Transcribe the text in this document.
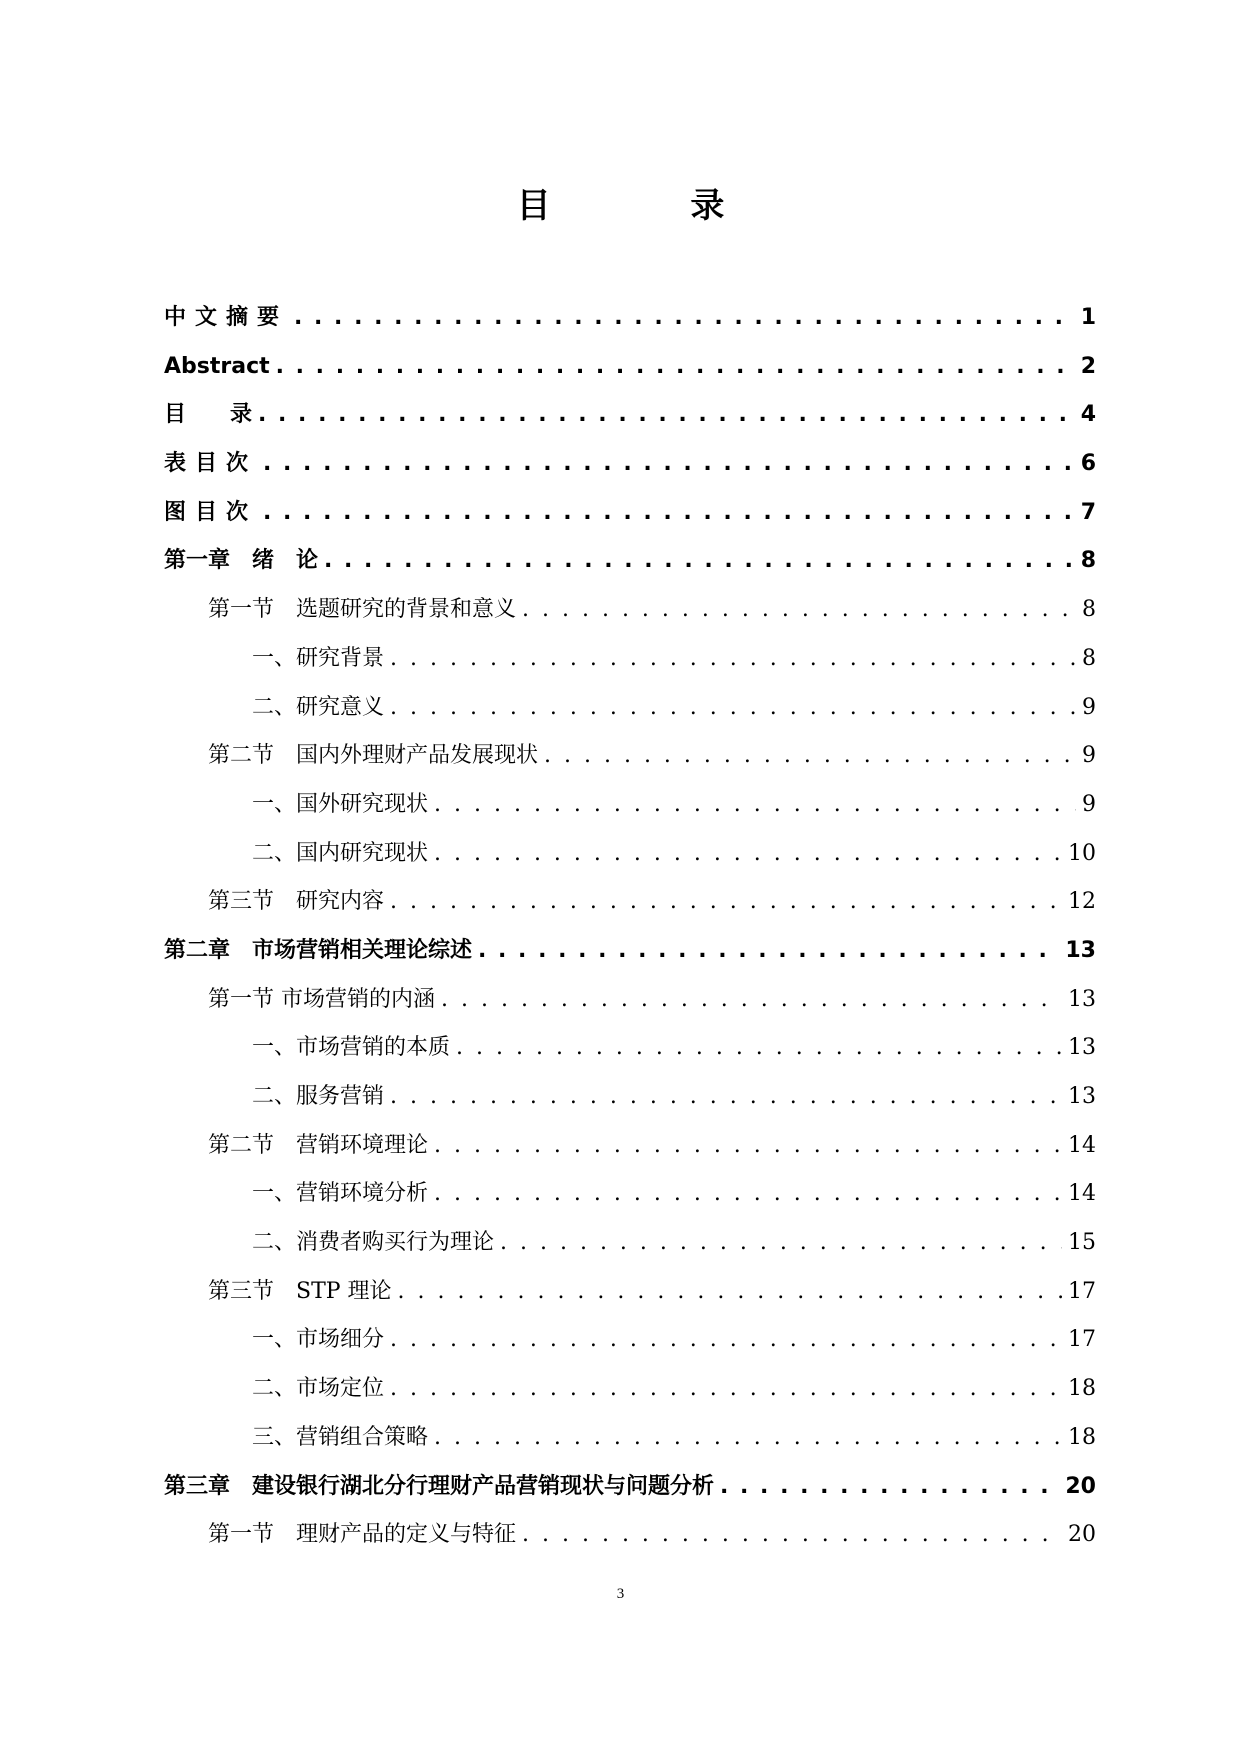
目 录
中文摘要 . . .	1
Abstract . . .	2
目　　录 . . .	4
表目次 . . .	6
图目次 . . .	7
第一章　绪　论 . . .	8
第一节　选题研究的背景和意义 . . .	8
一、研究背景 . . .	8
二、研究意义 . . .	9
第二节　国内外理财产品发展现状 . . .	9
一、国外研究现状 . . .	9
二、国内研究现状 . . .	10
第三节　研究内容 . . .	12
第二章　市场营销相关理论综述 . . .	13
第一节 市场营销的内涵 . . .	13
一、市场营销的本质 . . .	13
二、服务营销 . . .	13
第二节　营销环境理论 . . .	14
一、营销环境分析 . . .	14
二、消费者购买行为理论 . . .	15
第三节　STP 理论 . . .	17
一、市场细分 . . .	17
二、市场定位 . . .	18
三、营销组合策略 . . .	18
第三章　建设银行湖北分行理财产品营销现状与问题分析 . . .	20
第一节　理财产品的定义与特征 . . .	20
3
